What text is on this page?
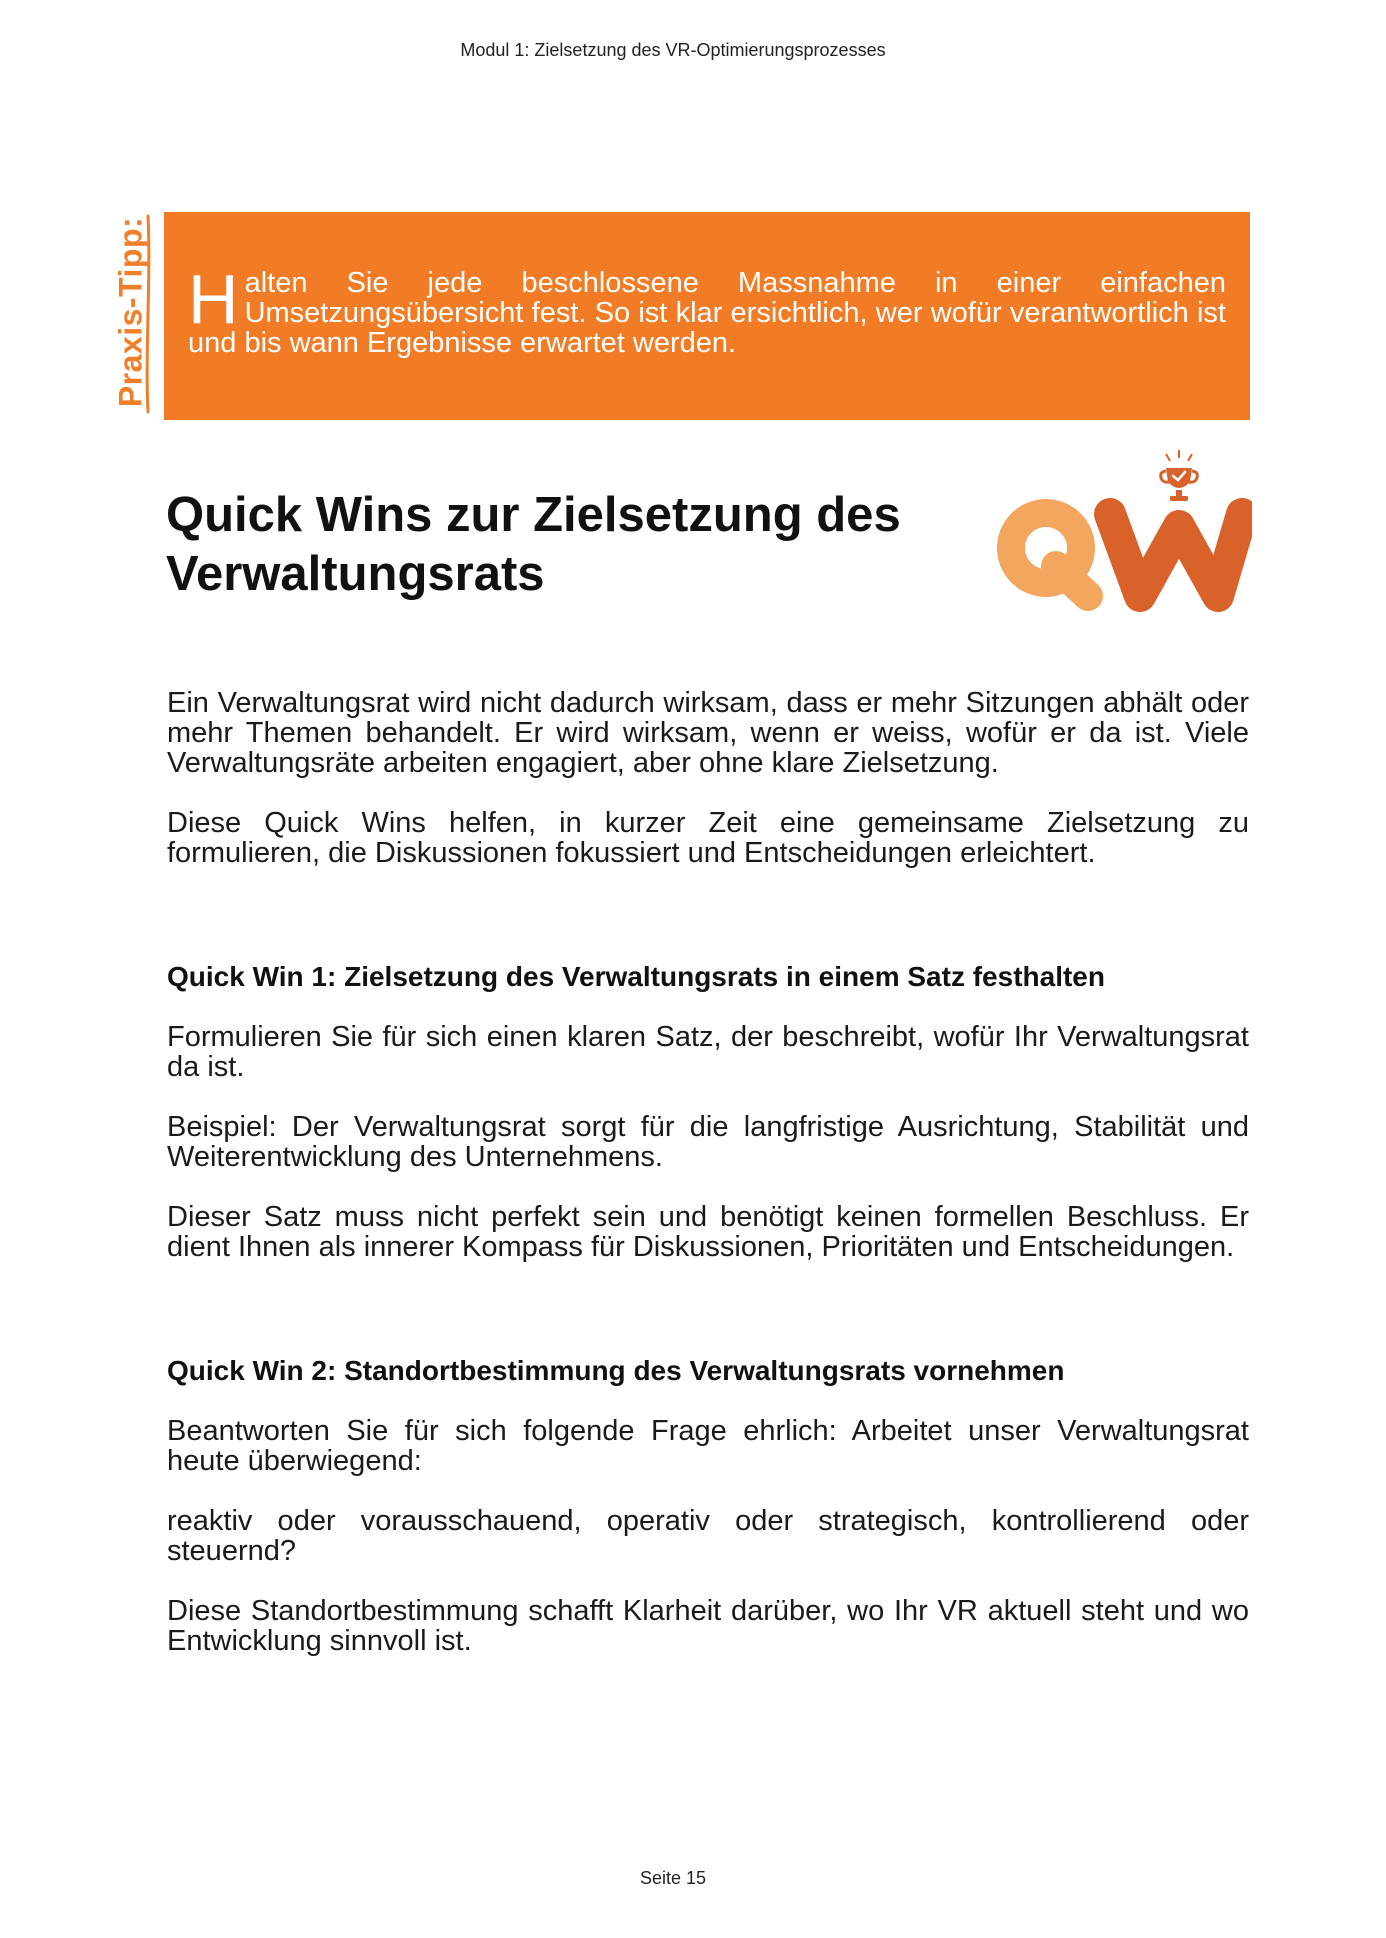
Modul 1: Zielsetzung des VR-Optimierungsprozesses
Praxis-Tipp: Halten Sie jede beschlossene Massnahme in einer einfachen Umsetzungsübersicht fest. So ist klar ersichtlich, wer wofür verantwortlich ist und bis wann Ergebnisse erwartet werden.

Quick Wins zur Zielsetzung des
Verwaltungsrats

Ein Verwaltungsrat wird nicht dadurch wirksam, dass er mehr Sitzungen abhält oder mehr Themen behandelt. Er wird wirksam, wenn er weiss, wofür er da ist. Viele Verwaltungsräte arbeiten engagiert, aber ohne klare Zielsetzung.

Diese Quick Wins helfen, in kurzer Zeit eine gemeinsame Zielsetzung zu formulieren, die Diskussionen fokussiert und Entscheidungen erleichtert.

Quick Win 1: Zielsetzung des Verwaltungsrats in einem Satz festhalten

Formulieren Sie für sich einen klaren Satz, der beschreibt, wofür Ihr Verwaltungsrat da ist.

Beispiel: Der Verwaltungsrat sorgt für die langfristige Ausrichtung, Stabilität und Weiterentwicklung des Unternehmens.

Dieser Satz muss nicht perfekt sein und benötigt keinen formellen Beschluss. Er dient Ihnen als innerer Kompass für Diskussionen, Prioritäten und Entscheidungen.

Quick Win 2: Standortbestimmung des Verwaltungsrats vornehmen

Beantworten Sie für sich folgende Frage ehrlich: Arbeitet unser Verwaltungsrat heute überwiegend:

reaktiv oder vorausschauend, operativ oder strategisch, kontrollierend oder steuernd?

Diese Standortbestimmung schafft Klarheit darüber, wo Ihr VR aktuell steht und wo Entwicklung sinnvoll ist.

Seite 15
